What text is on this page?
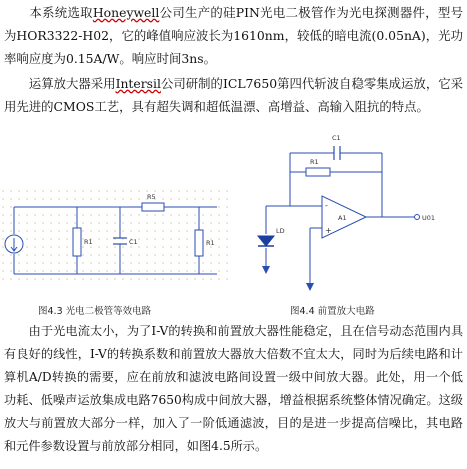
　　本系统选取Honeywell公司生产的硅PIN光电二极管作为光电探测器件，型号为HOR3322-H02，它的峰值响应波长为1610nm，较低的暗电流(0.05nA)，光功率响应度为0.15A/W。响应时间3ns。

　　运算放大器采用Intersil公司研制的ICL7650第四代斩波自稳零集成运放，它采用先进的CMOS工艺，具有超失调和超低温漂、高增益、高输入阻抗的特点。

R5
R1	C1	R1
图4.3 光电二极管等效电路
C1
R1
-
+
A1
LD
U01
图4.4 前置放大电路

　　由于光电流太小，为了I-V的转换和前置放大器性能稳定，且在信号动态范围内具有良好的线性，I-V的转换系数和前置放大器放大倍数不宜太大，同时为后续电路和计算机A/D转换的需要，应在前放和滤波电路间设置一级中间放大器。此处，用一个低功耗、低噪声运放集成电路7650构成中间放大器，增益根据系统整体情况确定。这级放大与前置放大部分一样，加入了一阶低通滤波，目的是进一步提高信噪比，其电路和元件参数设置与前放部分相同，如图4.5所示。
